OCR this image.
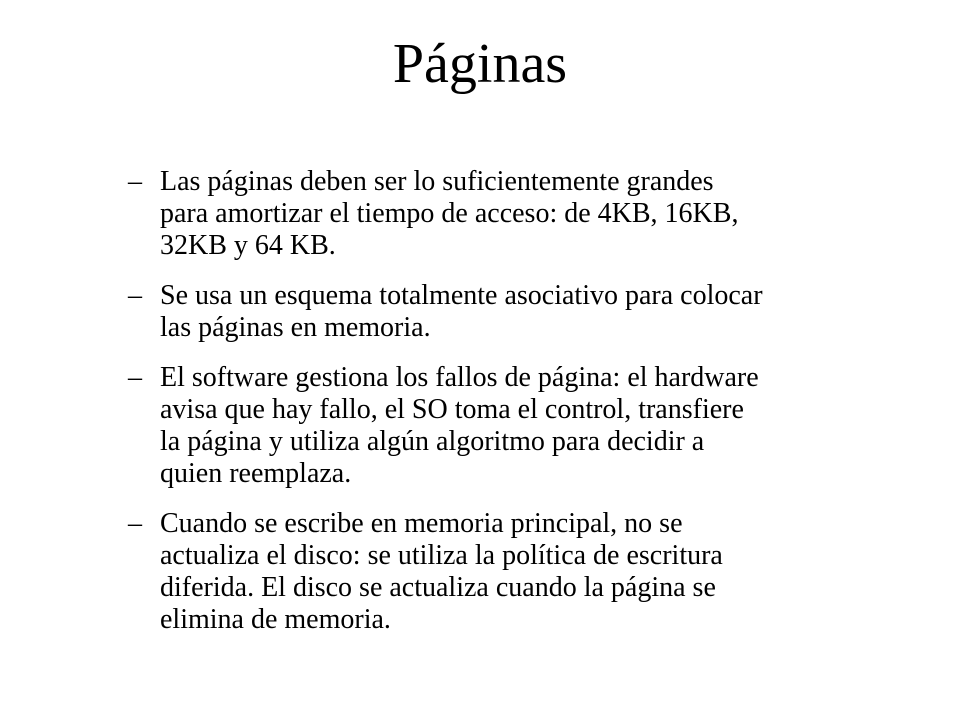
Páginas
– Las páginas deben ser lo suficientemente grandes
para amortizar el tiempo de acceso: de 4KB, 16KB,
32KB y 64 KB.
– Se usa un esquema totalmente asociativo para colocar
las páginas en memoria.
– El software gestiona los fallos de página: el hardware
avisa que hay fallo, el SO toma el control, transfiere
la página y utiliza algún algoritmo para decidir a
quien reemplaza.
– Cuando se escribe en memoria principal, no se
actualiza el disco: se utiliza la política de escritura
diferida. El disco se actualiza cuando la página se
elimina de memoria.
